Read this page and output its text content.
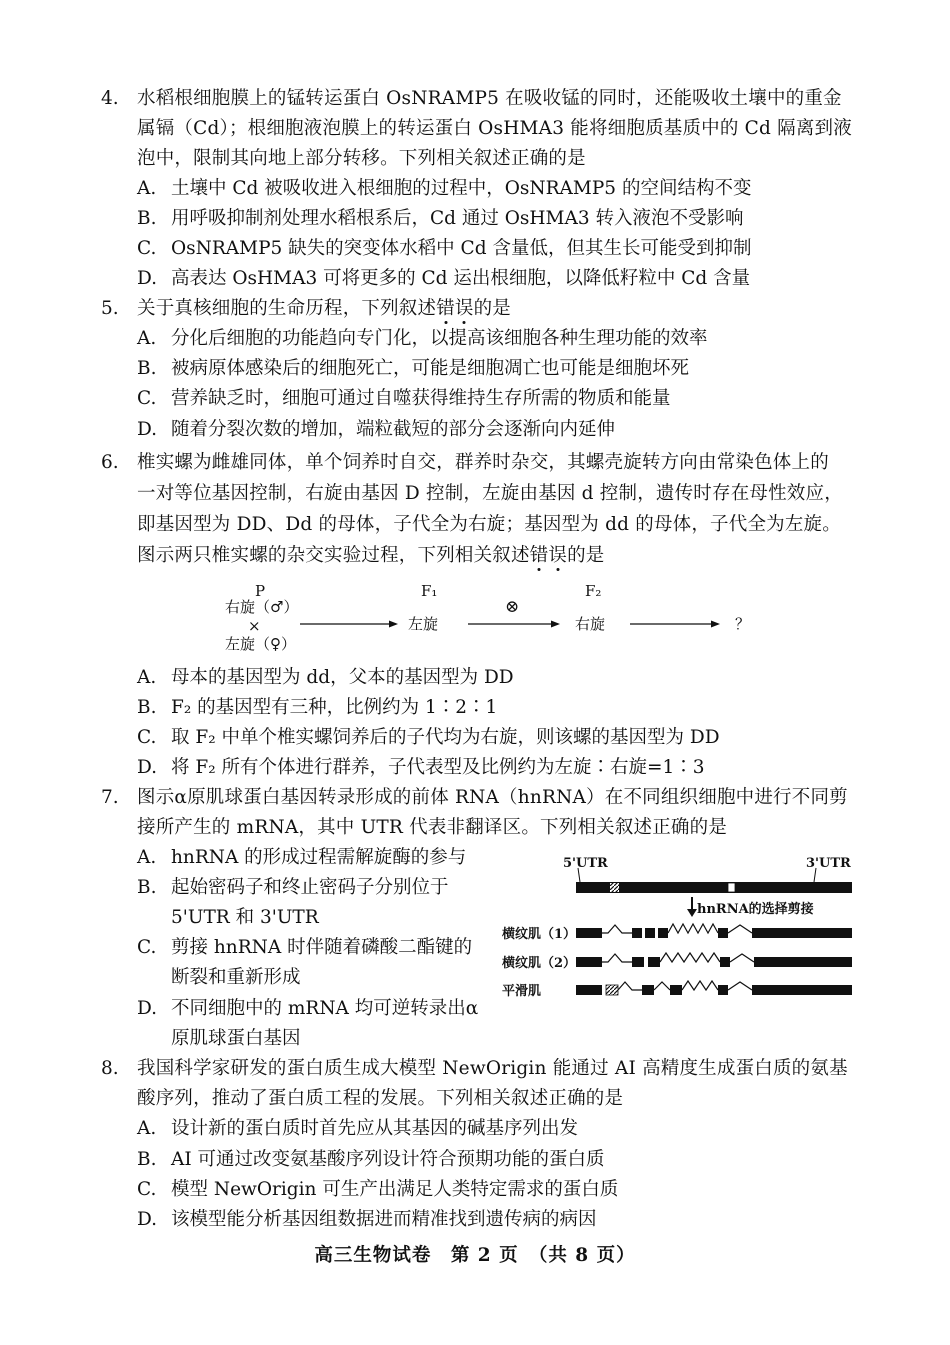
4. 水稻根细胞膜上的锰转运蛋白 OsNRAMP5 在吸收锰的同时，还能吸收土壤中的重金
属镉（Cd）；根细胞液泡膜上的转运蛋白 OsHMA3 能将细胞质基质中的 Cd 隔离到液
泡中，限制其向地上部分转移。下列相关叙述正确的是
A. 土壤中 Cd 被吸收进入根细胞的过程中，OsNRAMP5 的空间结构不变
B. 用呼吸抑制剂处理水稻根系后，Cd 通过 OsHMA3 转入液泡不受影响
C. OsNRAMP5 缺失的突变体水稻中 Cd 含量低，但其生长可能受到抑制
D. 高表达 OsHMA3 可将更多的 Cd 运出根细胞，以降低籽粒中 Cd 含量
5. 关于真核细胞的生命历程，下列叙述错误的是
A. 分化后细胞的功能趋向专门化，以提高该细胞各种生理功能的效率
B. 被病原体感染后的细胞死亡，可能是细胞凋亡也可能是细胞坏死
C. 营养缺乏时，细胞可通过自噬获得维持生存所需的物质和能量
D. 随着分裂次数的增加，端粒截短的部分会逐渐向内延伸
6. 椎实螺为雌雄同体，单个饲养时自交，群养时杂交，其螺壳旋转方向由常染色体上的
一对等位基因控制，右旋由基因 D 控制，左旋由基因 d 控制，遗传时存在母性效应，
即基因型为 DD、Dd 的母体，子代全为右旋；基因型为 dd 的母体，子代全为左旋。
图示两只椎实螺的杂交实验过程，下列相关叙述错误的是
P
右旋（♂）
×
左旋（♀）
F₁
左旋
⊗
F₂
右旋	？
A. 母本的基因型为 dd，父本的基因型为 DD
B. F₂ 的基因型有三种，比例约为 1∶2∶1
C. 取 F₂ 中单个椎实螺饲养后的子代均为右旋，则该螺的基因型为 DD
D. 将 F₂ 所有个体进行群养，子代表型及比例约为左旋∶右旋=1∶3
7. 图示α原肌球蛋白基因转录形成的前体 RNA（hnRNA）在不同组织细胞中进行不同剪
接所产生的 mRNA，其中 UTR 代表非翻译区。下列相关叙述正确的是
A. hnRNA 的形成过程需解旋酶的参与
B. 起始密码子和终止密码子分别位于
5'UTR 和 3'UTR
C. 剪接 hnRNA 时伴随着磷酸二酯键的
断裂和重新形成
D. 不同细胞中的 mRNA 均可逆转录出α
原肌球蛋白基因
5'UTR	3'UTR
hnRNA的选择剪接
横纹肌（1）
横纹肌（2）
平滑肌
8. 我国科学家研发的蛋白质生成大模型 NewOrigin 能通过 AI 高精度生成蛋白质的氨基
酸序列，推动了蛋白质工程的发展。下列相关叙述正确的是
A. 设计新的蛋白质时首先应从其基因的碱基序列出发
B. AI 可通过改变氨基酸序列设计符合预期功能的蛋白质
C. 模型 NewOrigin 可生产出满足人类特定需求的蛋白质
D. 该模型能分析基因组数据进而精准找到遗传病的病因
高三生物试卷　第 2 页　（共 8 页）
